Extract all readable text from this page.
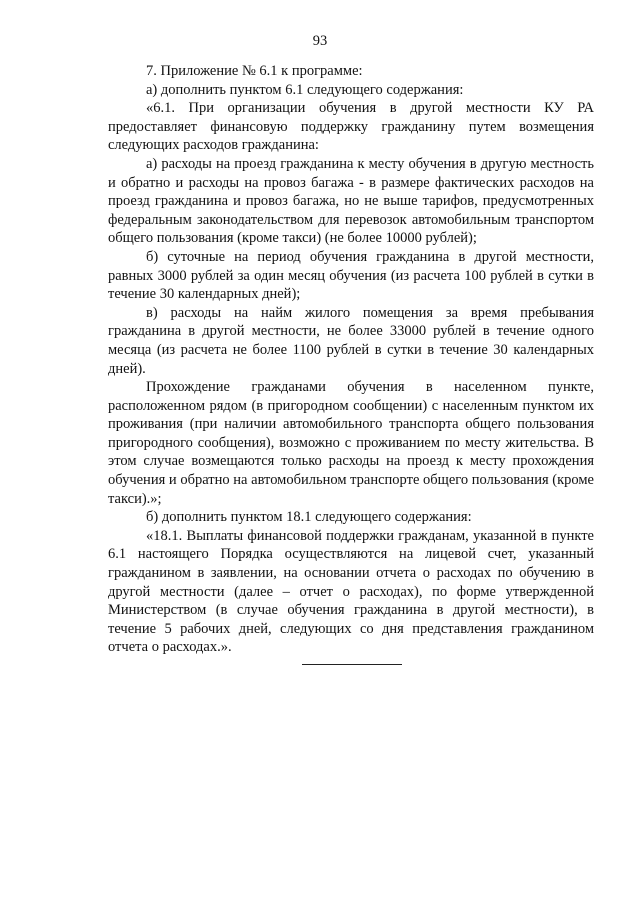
93

7. Приложение № 6.1 к программе:

а) дополнить пунктом 6.1 следующего содержания:

«6.1. При организации обучения в другой местности КУ РА предоставляет финансовую поддержку гражданину путем возмещения следующих расходов гражданина:

а) расходы на проезд гражданина к месту обучения в другую местность и обратно и расходы на провоз багажа - в размере фактических расходов на проезд гражданина и провоз багажа, но не выше тарифов, предусмотренных федеральным законодательством для перевозок автомобильным транспортом общего пользования (кроме такси) (не более 10000 рублей);

б) суточные на период обучения гражданина в другой местности, равных 3000 рублей за один месяц обучения (из расчета 100 рублей в сутки в течение 30 календарных дней);

в) расходы на найм жилого помещения за время пребывания гражданина в другой местности, не более 33000 рублей в течение одного месяца (из расчета не более 1100 рублей в сутки в течение 30 календарных дней).

Прохождение гражданами обучения в населенном пункте, расположенном рядом (в пригородном сообщении) с населенным пунктом их проживания (при наличии автомобильного транспорта общего пользования пригородного сообщения), возможно с проживанием по месту жительства. В этом случае возмещаются только расходы на проезд к месту прохождения обучения и обратно на автомобильном транспорте общего пользования (кроме такси).»;

б) дополнить пунктом 18.1 следующего содержания:

«18.1. Выплаты финансовой поддержки гражданам, указанной в пункте 6.1 настоящего Порядка осуществляются на лицевой счет, указанный гражданином в заявлении, на основании отчета о расходах по обучению в другой местности (далее – отчет о расходах), по форме утвержденной Министерством (в случае обучения гражданина в другой местности), в течение 5 рабочих дней, следующих со дня представления гражданином отчета о расходах.».
